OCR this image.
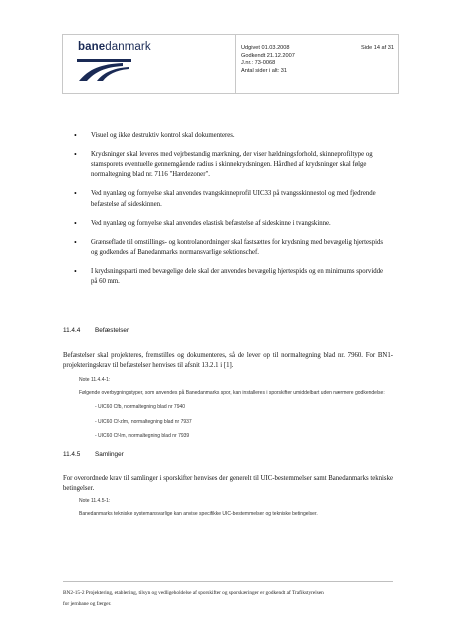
banedanmark	Udgivet 01.03.2008
Godkendt 21.12.2007
J.nr.: 73-0068
Antal sider i alt: 31
Side 14 af 31
• Visuel og ikke destruktiv kontrol skal dokumenteres.
• Krydsninger skal leveres med vejrbestandig mærkning, der viser hældningsforhold, skinneprofiltype og stamsporets eventuelle gennemgående radius i skinnekrydsningen. Hårdhed af krydsninger skal følge normaltegning blad nr. 7116 "Hærdezoner".
• Ved nyanlæg og fornyelse skal anvendes tvangskinneprofil UIC33 på tvangsskinnestol og med fjedrende befæstelse af sideskinnen.
• Ved nyanlæg og fornyelse skal anvendes elastisk befæstelse af sideskinne i tvangskinne.
• Grænseflade til omstillings- og kontrolanordninger skal fastsættes for krydsning med bevægelig hjertespids og godkendes af Banedanmarks normansvarlige sektionschef.
• I krydsningsparti med bevægelige dele skal der anvendes bevægelig hjertespids og en minimums sporvidde på 60 mm.
11.4.4 Befæstelser
Befæstelser skal projekteres, fremstilles og dokumenteres, så de lever op til normaltegning blad nr. 7960. For BN1-projekteringskrav til befæstelser henvises til afsnit 13.2.1 i [1].
Note 11.4.4-1:
Følgende overbygningstyper, som anvendes på Banedanmarks spor, kan installeres i sporskifter umiddelbart uden nærmere godkendelse:
- UIC60 Cfb, normaltegning blad nr 7940
- UIC60 Cf-zlm, normaltegning blad nr 7937
- UIC60 Cf-lm, normaltegning blad nr 7939
11.4.5 Samlinger
For overordnede krav til samlinger i sporskifter henvises der generelt til UIC-bestemmelser samt Banedanmarks tekniske betingelser.
Note 11.4.5-1:
Banedanmarks tekniske systemansvarlige kan anvise specifikke UIC-bestemmelser og tekniske betingelser.
BN2-15-2 Projektering, etablering, tilsyn og vedligeholdelse af sporskifter og sporskæringer er godkendt af Trafikstyrelsen
for jernbane og færger.
